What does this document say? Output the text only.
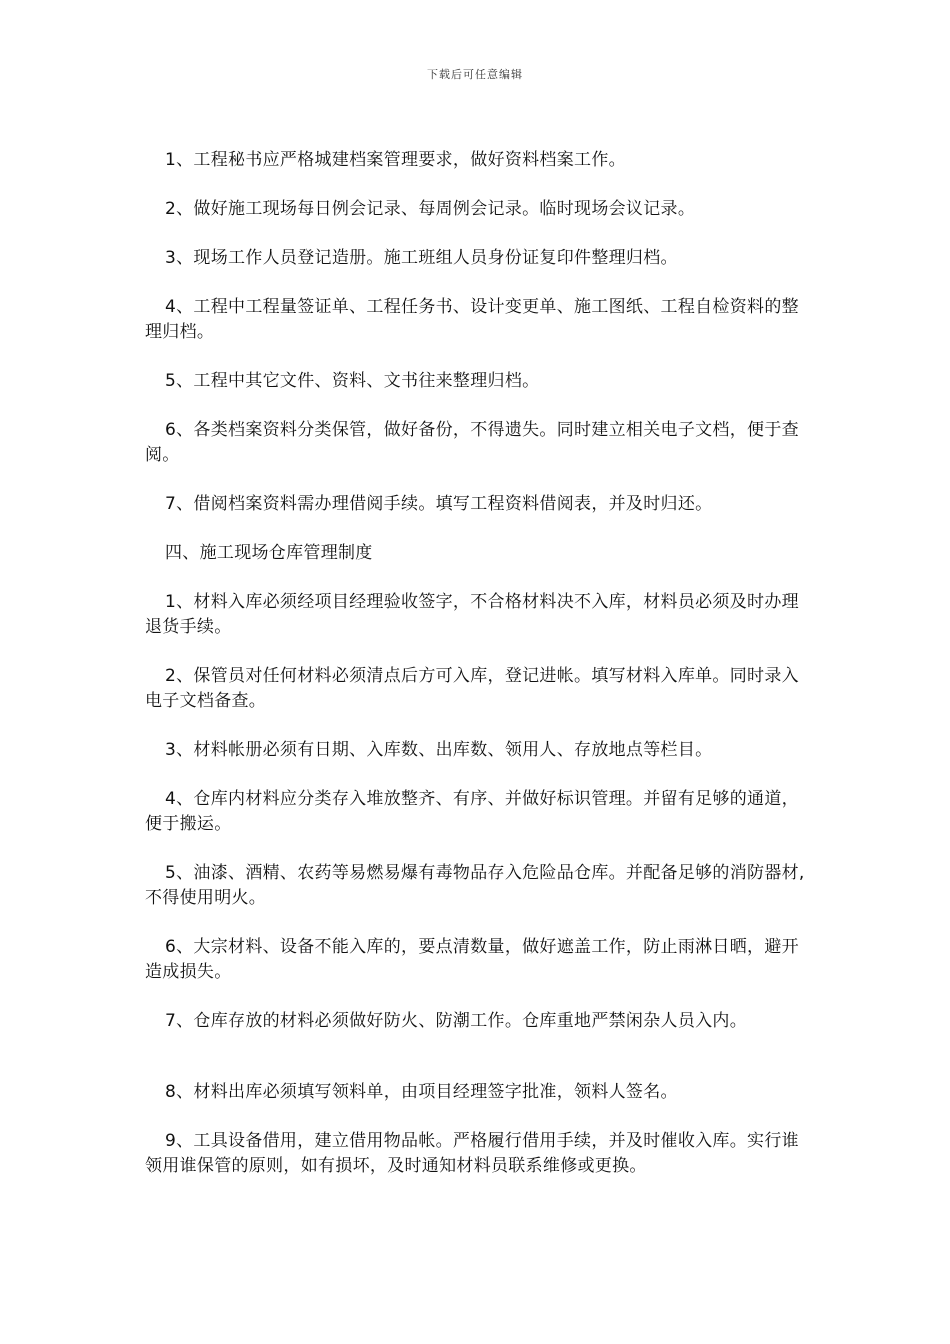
下载后可任意编辑

1、工程秘书应严格城建档案管理要求，做好资料档案工作。

2、做好施工现场每日例会记录、每周例会记录。临时现场会议记录。

3、现场工作人员登记造册。施工班组人员身份证复印件整理归档。

4、工程中工程量签证单、工程任务书、设计变更单、施工图纸、工程自检资料的整理归档。

5、工程中其它文件、资料、文书往来整理归档。

6、各类档案资料分类保管，做好备份，不得遗失。同时建立相关电子文档，便于查阅。

7、借阅档案资料需办理借阅手续。填写工程资料借阅表，并及时归还。

四、施工现场仓库管理制度

1、材料入库必须经项目经理验收签字，不合格材料决不入库，材料员必须及时办理退货手续。

2、保管员对任何材料必须清点后方可入库，登记进帐。填写材料入库单。同时录入电子文档备查。

3、材料帐册必须有日期、入库数、出库数、领用人、存放地点等栏目。

4、仓库内材料应分类存入堆放整齐、有序、并做好标识管理。并留有足够的通道，便于搬运。

5、油漆、酒精、农药等易燃易爆有毒物品存入危险品仓库。并配备足够的消防器材,不得使用明火。

6、大宗材料、设备不能入库的，要点清数量，做好遮盖工作，防止雨淋日晒，避开造成损失。

7、仓库存放的材料必须做好防火、防潮工作。仓库重地严禁闲杂人员入内。

8、材料出库必须填写领料单，由项目经理签字批准，领料人签名。

9、工具设备借用，建立借用物品帐。严格履行借用手续，并及时催收入库。实行谁领用谁保管的原则，如有损坏，及时通知材料员联系维修或更换。
